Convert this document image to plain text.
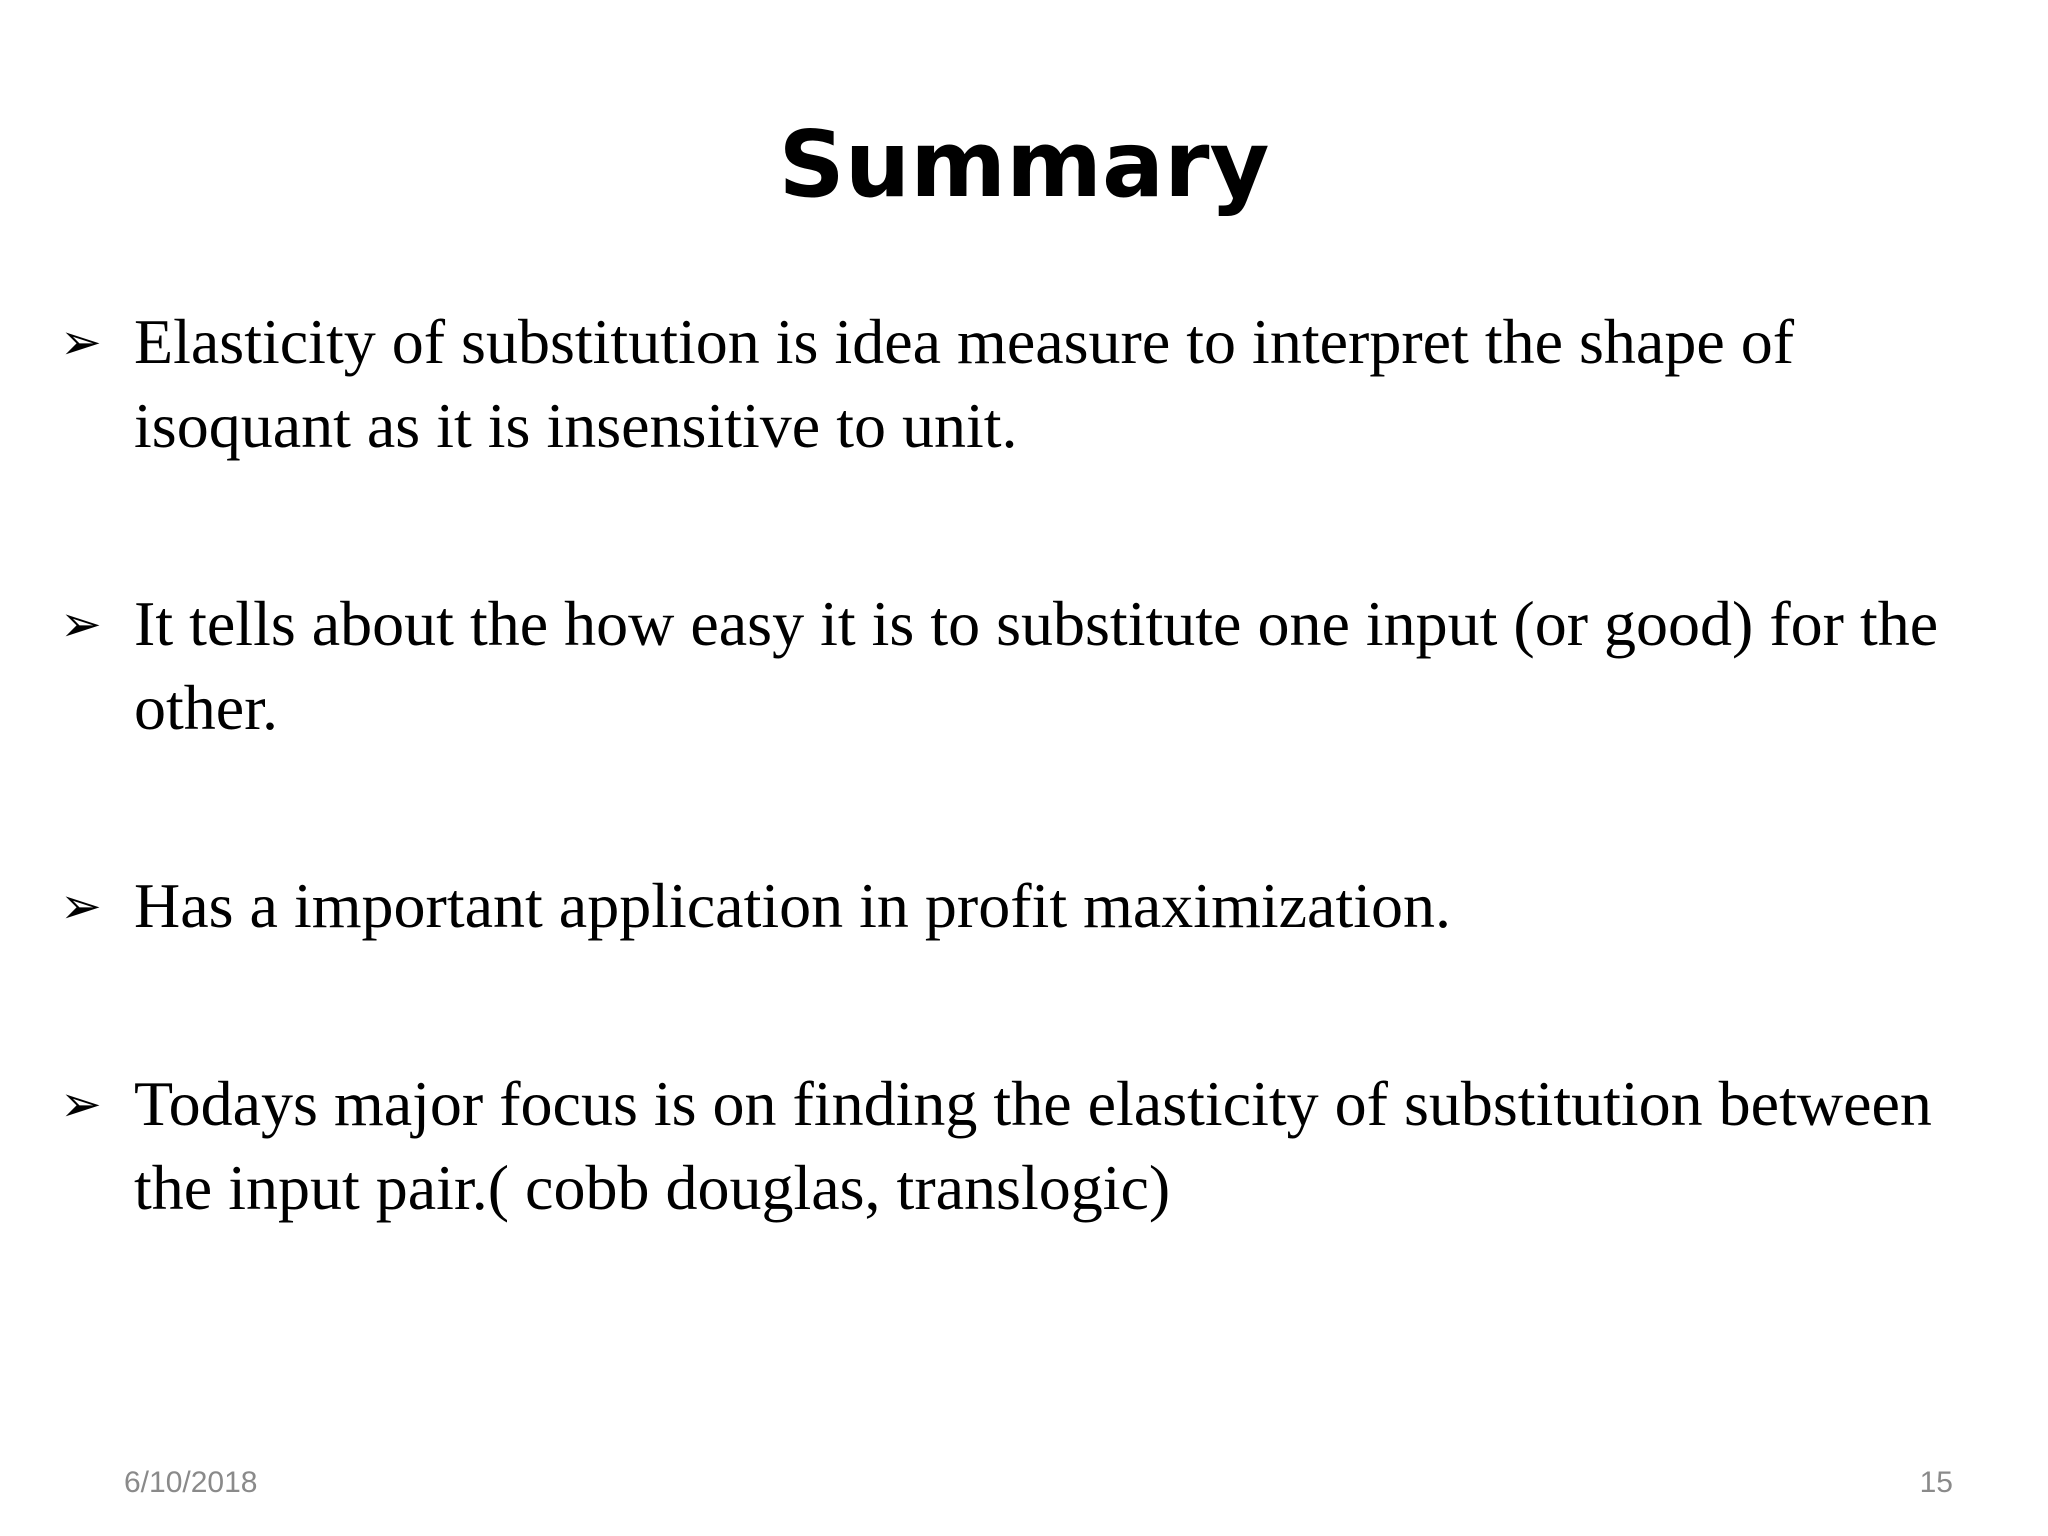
Summary
➢ Elasticity of substitution is idea measure to interpret the shape of isoquant as it is insensitive to unit.
➢ It tells about the how easy it is to substitute one input (or good) for the other.
➢ Has a important application in profit maximization.
➢ Todays major focus is on finding the elasticity of substitution between the input pair.( cobb douglas, translogic)
6/10/2018	15
